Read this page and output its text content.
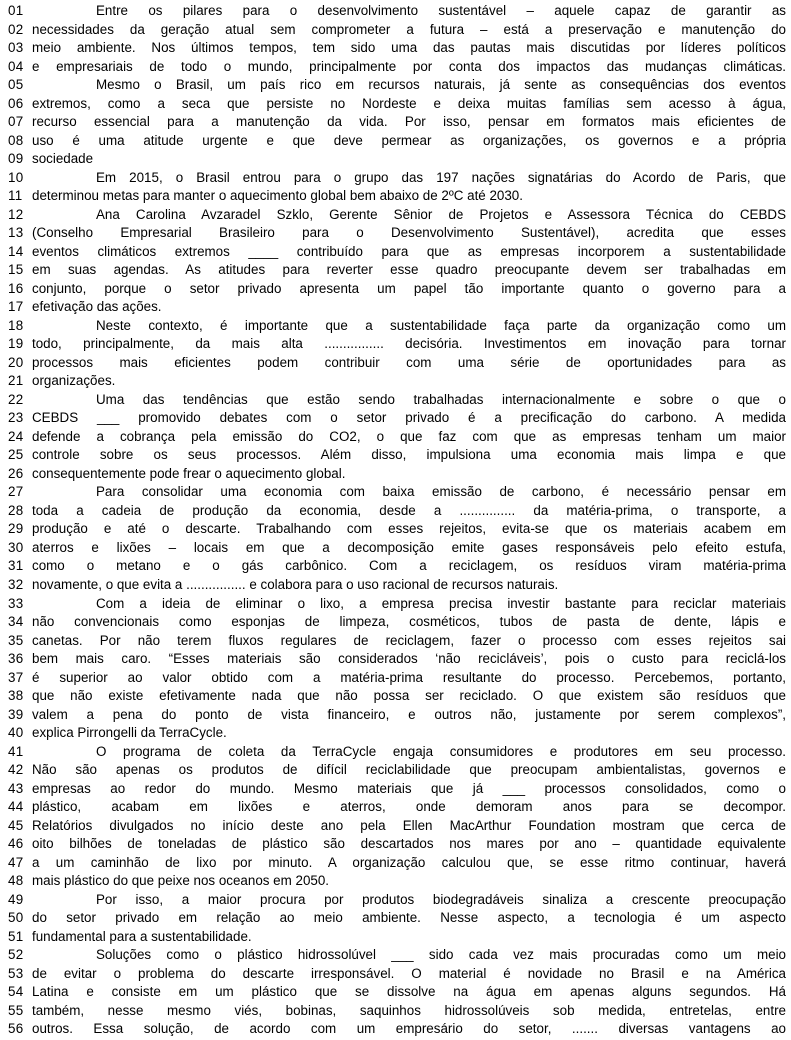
01	Entre os pilares para o desenvolvimento sustentável – aquele capaz de garantir as
02 necessidades da geração atual sem comprometer a futura – está a preservação e manutenção do
03 meio ambiente. Nos últimos tempos, tem sido uma das pautas mais discutidas por líderes políticos
04 e empresariais de todo o mundo, principalmente por conta dos impactos das mudanças climáticas.
05	Mesmo o Brasil, um país rico em recursos naturais, já sente as consequências dos eventos
06 extremos, como a seca que persiste no Nordeste e deixa muitas famílias sem acesso à água,
07 recurso essencial para a manutenção da vida. Por isso, pensar em formatos mais eficientes de
08 uso é uma atitude urgente e que deve permear as organizações, os governos e a própria
09 sociedade
10	Em 2015, o Brasil entrou para o grupo das 197 nações signatárias do Acordo de Paris, que
11 determinou metas para manter o aquecimento global bem abaixo de 2ºC até 2030.
12	Ana Carolina Avzaradel Szklo, Gerente Sênior de Projetos e Assessora Técnica do CEBDS
13 (Conselho Empresarial Brasileiro para o Desenvolvimento Sustentável), acredita que esses
14 eventos climáticos extremos ____ contribuído para que as empresas incorporem a sustentabilidade
15 em suas agendas. As atitudes para reverter esse quadro preocupante devem ser trabalhadas em
16 conjunto, porque o setor privado apresenta um papel tão importante quanto o governo para a
17 efetivação das ações.
18	Neste contexto, é importante que a sustentabilidade faça parte da organização como um
19 todo, principalmente, da mais alta ................ decisória. Investimentos em inovação para tornar
20 processos mais eficientes podem contribuir com uma série de oportunidades para as
21 organizações.
22	Uma das tendências que estão sendo trabalhadas internacionalmente e sobre o que o
23 CEBDS ___ promovido debates com o setor privado é a precificação do carbono. A medida
24 defende a cobrança pela emissão do CO2, o que faz com que as empresas tenham um maior
25 controle sobre os seus processos. Além disso, impulsiona uma economia mais limpa e que
26 consequentemente pode frear o aquecimento global.
27	Para consolidar uma economia com baixa emissão de carbono, é necessário pensar em
28 toda a cadeia de produção da economia, desde a ............... da matéria-prima, o transporte, a
29 produção e até o descarte. Trabalhando com esses rejeitos, evita-se que os materiais acabem em
30 aterros e lixões – locais em que a decomposição emite gases responsáveis pelo efeito estufa,
31 como o metano e o gás carbônico. Com a reciclagem, os resíduos viram matéria-prima
32 novamente, o que evita a ................ e colabora para o uso racional de recursos naturais.
33	Com a ideia de eliminar o lixo, a empresa precisa investir bastante para reciclar materiais
34 não convencionais como esponjas de limpeza, cosméticos, tubos de pasta de dente, lápis e
35 canetas. Por não terem fluxos regulares de reciclagem, fazer o processo com esses rejeitos sai
36 bem mais caro. “Esses materiais são considerados ‘não recicláveis’, pois o custo para reciclá-los
37 é superior ao valor obtido com a matéria-prima resultante do processo. Percebemos, portanto,
38 que não existe efetivamente nada que não possa ser reciclado. O que existem são resíduos que
39 valem a pena do ponto de vista financeiro, e outros não, justamente por serem complexos”,
40 explica Pirrongelli da TerraCycle.
41	O programa de coleta da TerraCycle engaja consumidores e produtores em seu processo.
42 Não são apenas os produtos de difícil reciclabilidade que preocupam ambientalistas, governos e
43 empresas ao redor do mundo. Mesmo materiais que já ___ processos consolidados, como o
44 plástico, acabam em lixões e aterros, onde demoram anos para se decompor.
45 Relatórios divulgados no início deste ano pela Ellen MacArthur Foundation mostram que cerca de
46 oito bilhões de toneladas de plástico são descartados nos mares por ano – quantidade equivalente
47 a um caminhão de lixo por minuto. A organização calculou que, se esse ritmo continuar, haverá
48 mais plástico do que peixe nos oceanos em 2050.
49	Por isso, a maior procura por produtos biodegradáveis sinaliza a crescente preocupação
50 do setor privado em relação ao meio ambiente. Nesse aspecto, a tecnologia é um aspecto
51 fundamental para a sustentabilidade.
52	Soluções como o plástico hidrossolúvel ___ sido cada vez mais procuradas como um meio
53 de evitar o problema do descarte irresponsável. O material é novidade no Brasil e na América
54 Latina e consiste em um plástico que se dissolve na água em apenas alguns segundos. Há
55 também, nesse mesmo viés, bobinas, saquinhos hidrossolúveis sob medida, entretelas, entre
56 outros. Essa solução, de acordo com um empresário do setor, ....... diversas vantagens ao
